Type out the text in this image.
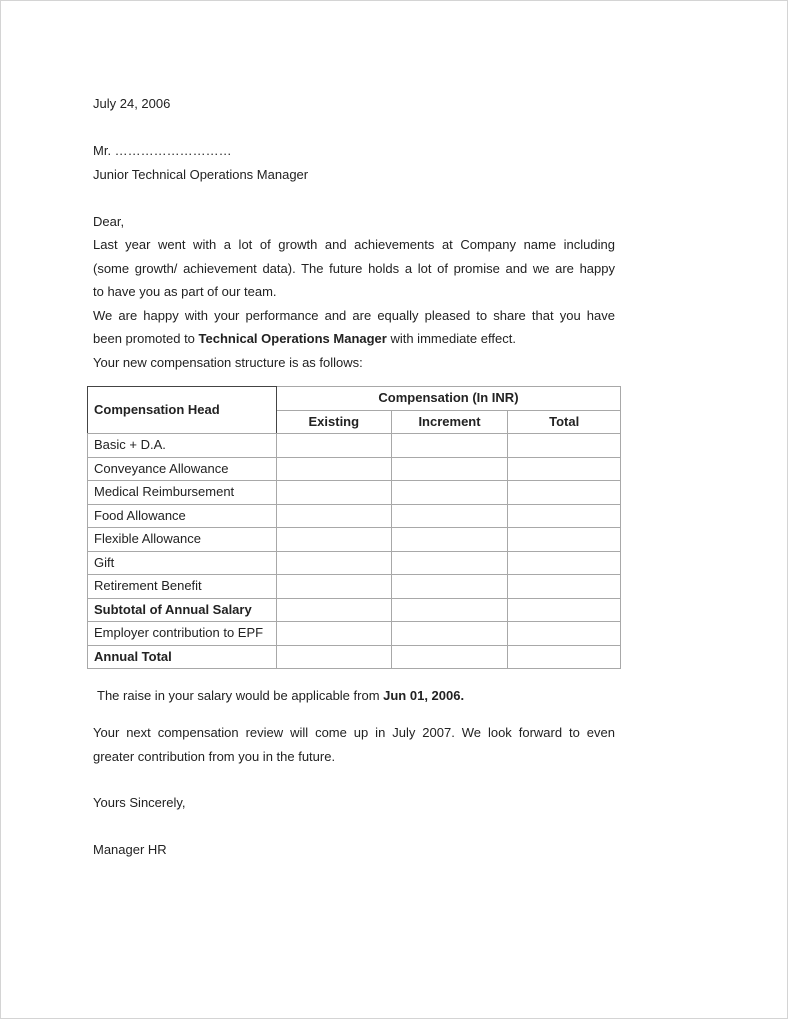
July 24, 2006

Mr. ………………………

Junior Technical Operations Manager

Dear,

Last year went with a lot of growth and achievements at Company name including

(some growth/ achievement data). The future holds a lot of promise and we are happy

to have you as part of our team.

We are happy with your performance and are equally pleased to share that you have

been promoted to Technical Operations Manager with immediate effect.

Your new compensation structure is as follows:

Compensation Head	Compensation (In INR)		
	Existing	Increment	Total
Basic + D.A.			
Conveyance Allowance			
Medical Reimbursement			
Food Allowance			
Flexible Allowance			
Gift			
Retirement Benefit			
Subtotal of Annual Salary			
Employer contribution to EPF			
Annual Total			

The raise in your salary would be applicable from Jun 01, 2006.

Your next compensation review will come up in July 2007. We look forward to even

greater contribution from you in the future.

Yours Sincerely,

Manager HR
